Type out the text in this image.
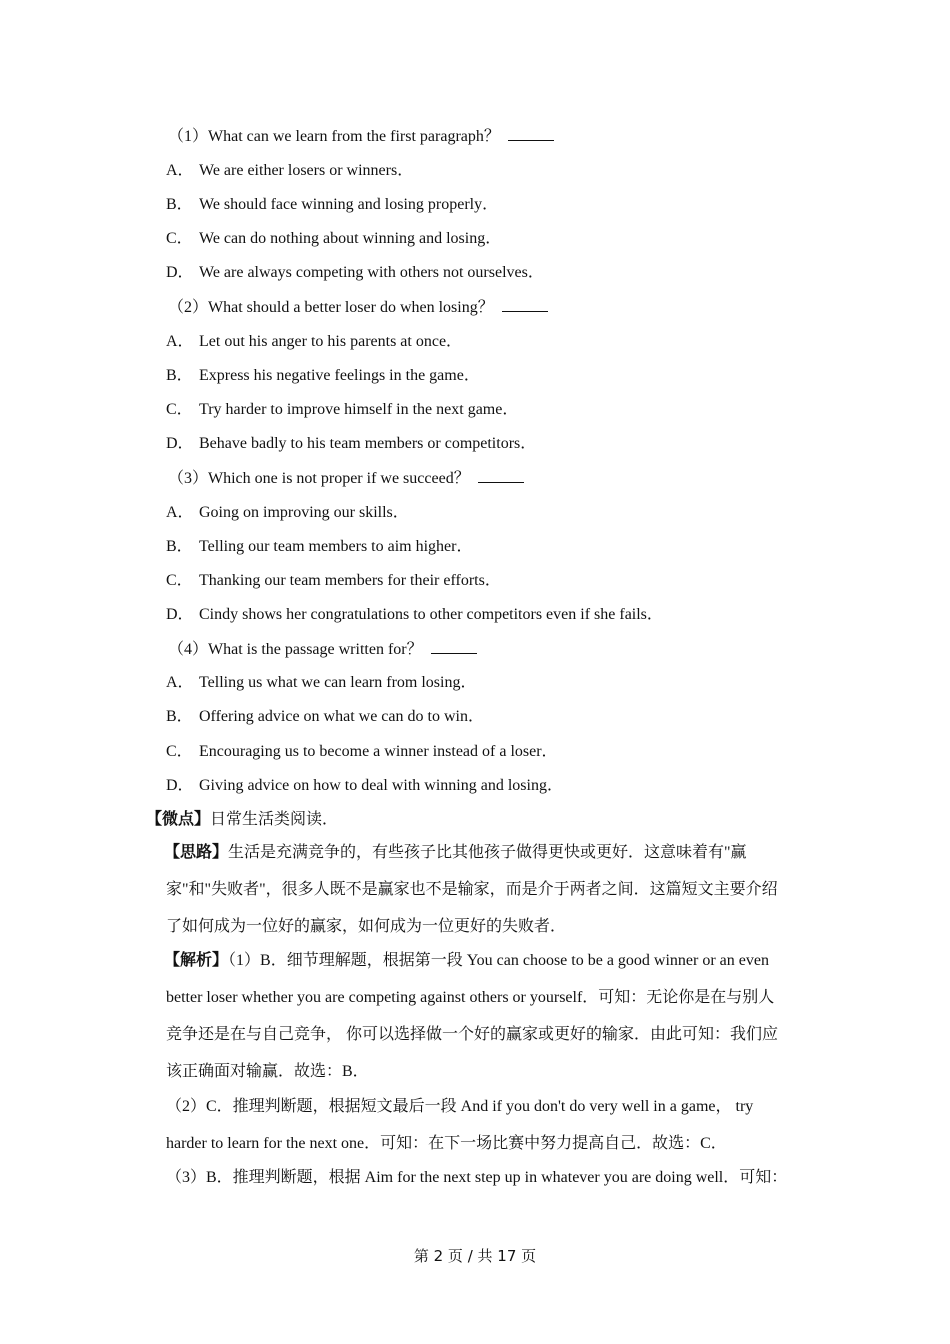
（1）What can we learn from the first paragraph？
A． We are either losers or winners．
B． We should face winning and losing properly．
C． We can do nothing about winning and losing．
D． We are always competing with others not ourselves．
（2）What should a better loser do when losing？
A． Let out his anger to his parents at once．
B． Express his negative feelings in the game．
C． Try harder to improve himself in the next game．
D． Behave badly to his team members or competitors．
（3）Which one is not proper if we succeed？
A． Going on improving our skills．
B． Telling our team members to aim higher．
C． Thanking our team members for their efforts．
D． Cindy shows her congratulations to other competitors even if she fails．
（4）What is the passage written for？
A． Telling us what we can learn from losing．
B． Offering advice on what we can do to win．
C． Encouraging us to become a winner instead of a loser．
D． Giving advice on how to deal with winning and losing．
【微点】日常生活类阅读．
【思路】生活是充满竞争的，有些孩子比其他孩子做得更快或更好．这意味着有"赢
家"和"失败者"，很多人既不是赢家也不是输家，而是介于两者之间．这篇短文主要介绍
了如何成为一位好的赢家，如何成为一位更好的失败者．
【解析】（1）B．细节理解题，根据第一段 You can choose to be a good winner or an even
better loser whether you are competing against others or yourself．可知：无论你是在与别人
竞争还是在与自己竞争， 你可以选择做一个好的赢家或更好的输家．由此可知：我们应
该正确面对输赢．故选：B．
（2）C．推理判断题，根据短文最后一段 And if you don't do very well in a game， try
harder to learn for the next one．可知：在下一场比赛中努力提高自己．故选：C．
（3）B．推理判断题，根据 Aim for the next step up in whatever you are doing well．可知：
第 2 页 / 共 17 页
